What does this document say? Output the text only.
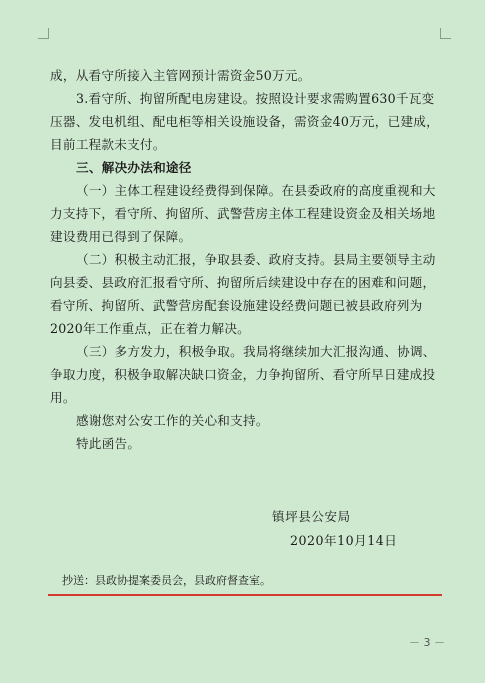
成，从看守所接入主管网预计需资金50万元。
3.看守所、拘留所配电房建设。按照设计要求需购置630千瓦变
压器、发电机组、配电柜等相关设施设备，需资金40万元，已建成，
目前工程款未支付。
三、解决办法和途径
（一）主体工程建设经费得到保障。在县委政府的高度重视和大
力支持下，看守所、拘留所、武警营房主体工程建设资金及相关场地
建设费用已得到了保障。
（二）积极主动汇报，争取县委、政府支持。县局主要领导主动
向县委、县政府汇报看守所、拘留所后续建设中存在的困难和问题，
看守所、拘留所、武警营房配套设施建设经费问题已被县政府列为
2020年工作重点，正在着力解决。
（三）多方发力，积极争取。我局将继续加大汇报沟通、协调、
争取力度，积极争取解决缺口资金，力争拘留所、看守所早日建成投
用。
感谢您对公安工作的关心和支持。
特此函告。
镇坪县公安局
2020年10月14日
抄送：县政协提案委员会，县政府督查室。
－ 3 －
